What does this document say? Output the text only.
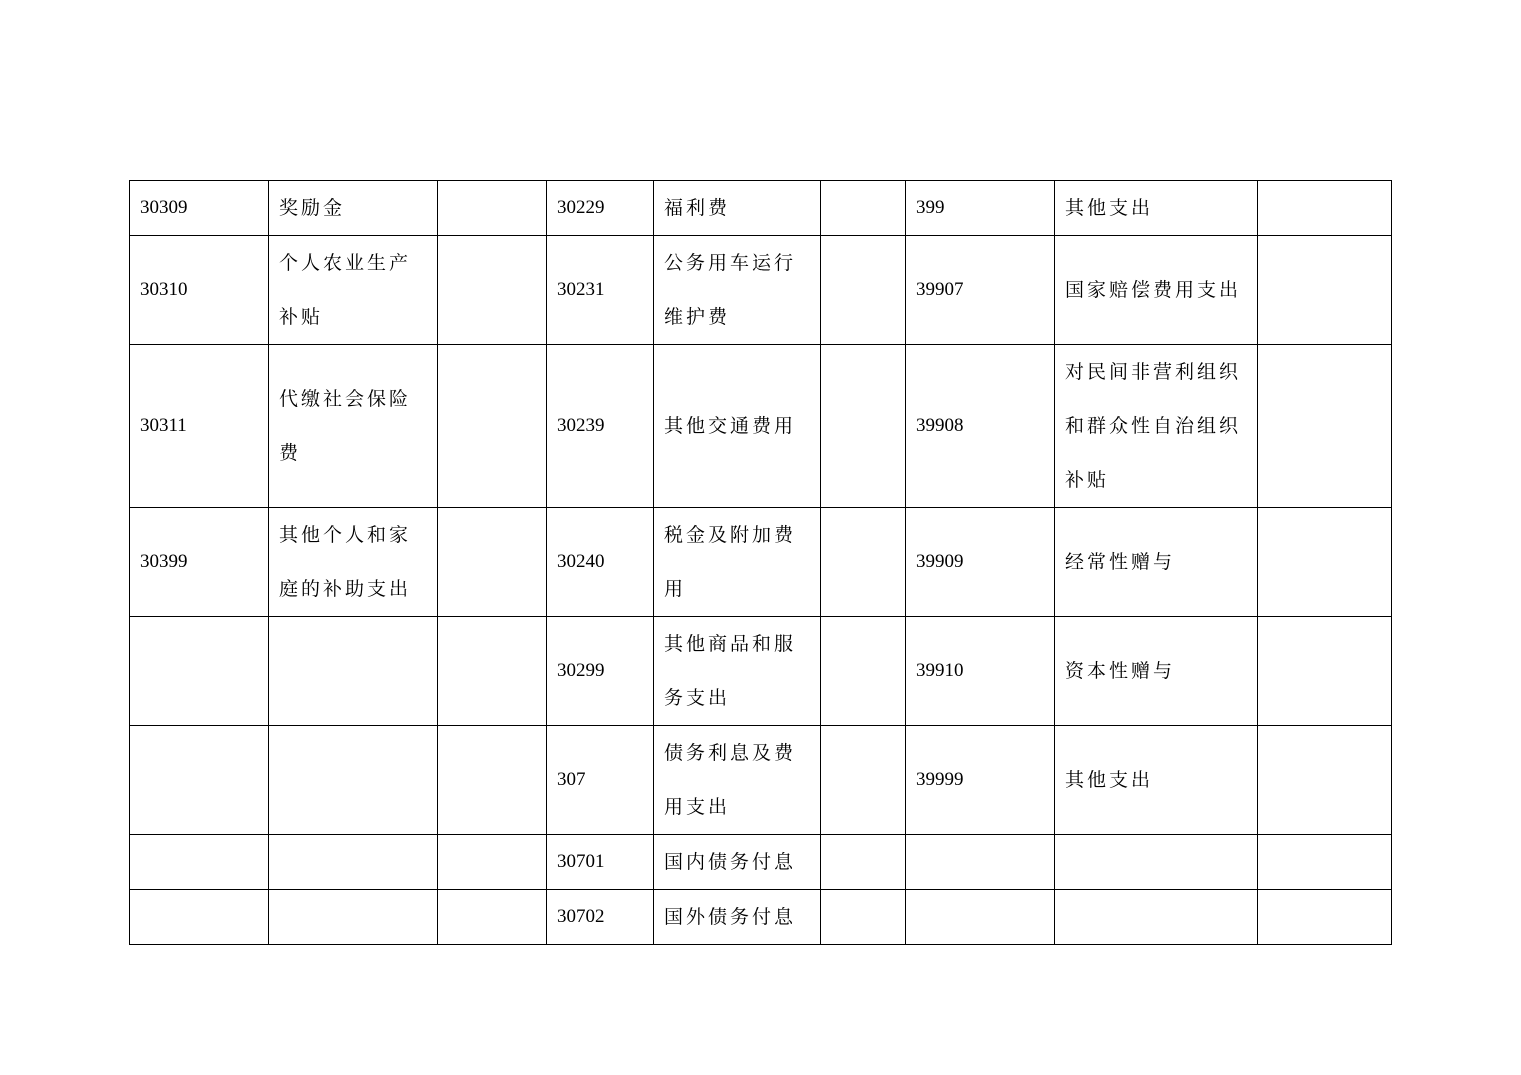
30309	奖励金		30229	福利费		399	其他支出	
30310	个人农业生产补贴		30231	公务用车运行维护费		39907	国家赔偿费用支出	
30311	代缴社会保险费		30239	其他交通费用		39908	对民间非营利组织和群众性自治组织补贴	
30399	其他个人和家庭的补助支出		30240	税金及附加费用		39909	经常性赠与	
			30299	其他商品和服务支出		39910	资本性赠与	
			307	债务利息及费用支出		39999	其他支出	
			30701	国内债务付息				
			30702	国外债务付息				
